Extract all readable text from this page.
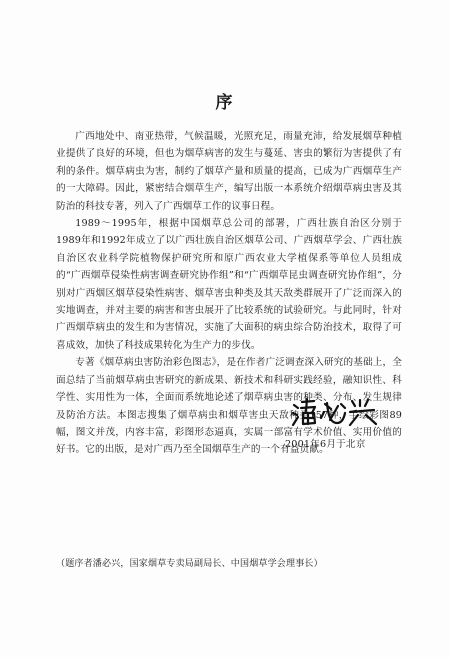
序

广西地处中、南亚热带，气候温暖，光照充足，雨量充沛，给发展烟草种植业提供了良好的环境，但也为烟草病害的发生与蔓延、害虫的繁衍为害提供了有利的条件。烟草病虫为害，制约了烟草产量和质量的提高，已成为广西烟草生产的一大障碍。因此，紧密结合烟草生产，编写出版一本系统介绍烟草病虫害及其防治的科技专著，列入了广西烟草工作的议事日程。

1989～1995年，根据中国烟草总公司的部署，广西壮族自治区分别于1989年和1992年成立了以广西壮族自治区烟草公司、广西烟草学会、广西壮族自治区农业科学院植物保护研究所和原广西农业大学植保系等单位人员组成的“广西烟草侵染性病害调查研究协作组”和“广西烟草昆虫调查研究协作组”，分别对广西烟区烟草侵染性病害、烟草害虫种类及其天敌类群展开了广泛而深入的实地调查，并对主要的病害和害虫展开了比较系统的试验研究。与此同时，针对广西烟草病虫的发生和为害情况，实施了大面积的病虫综合防治技术，取得了可喜成效，加快了科技成果转化为生产力的步伐。

专著《烟草病虫害防治彩色图志》，是在作者广泛调查深入研究的基础上，全面总结了当前烟草病虫害研究的新成果、新技术和科研实践经验，融知识性、科学性、实用性为一体，全面而系统地论述了烟草病虫害的种类、分布、发生规律及防治方法。本图志搜集了烟草病虫和烟草害虫天敌种类157种，手绘彩图89幅，图文并茂，内容丰富，彩图形态逼真，实属一部富有学术价值、实用价值的好书。它的出版，是对广西乃至全国烟草生产的一个有益贡献。

2001年6月于北京
（题序者潘必兴，国家烟草专卖局副局长、中国烟草学会理事长）
